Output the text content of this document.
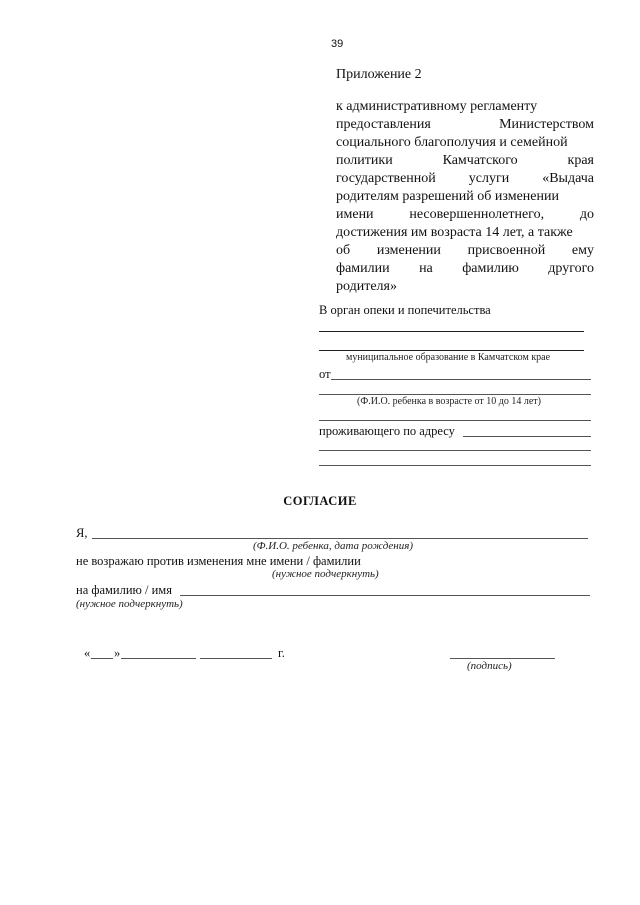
39
Приложение 2
к административному регламенту
предоставления	Министерством
социального благополучия и семейной
политики	Камчатского	края
государственной услуги «Выдача
родителям разрешений об изменении
имени	несовершеннолетнего,	до
достижения им возраста 14 лет, а также
об изменении присвоенной ему
фамилии на фамилию другого
родителя»
В орган опеки и попечительства
муниципальное образование в Камчатском крае
от
(Ф.И.О. ребенка в возрасте от 10 до 14 лет)
проживающего по адресу
СОГЛАСИЕ
Я,
(Ф.И.О. ребенка, дата рождения)
не возражаю против изменения мне имени / фамилии
(нужное подчеркнуть)
на фамилию / имя
(нужное подчеркнуть)
« »	г.
(подпись)
